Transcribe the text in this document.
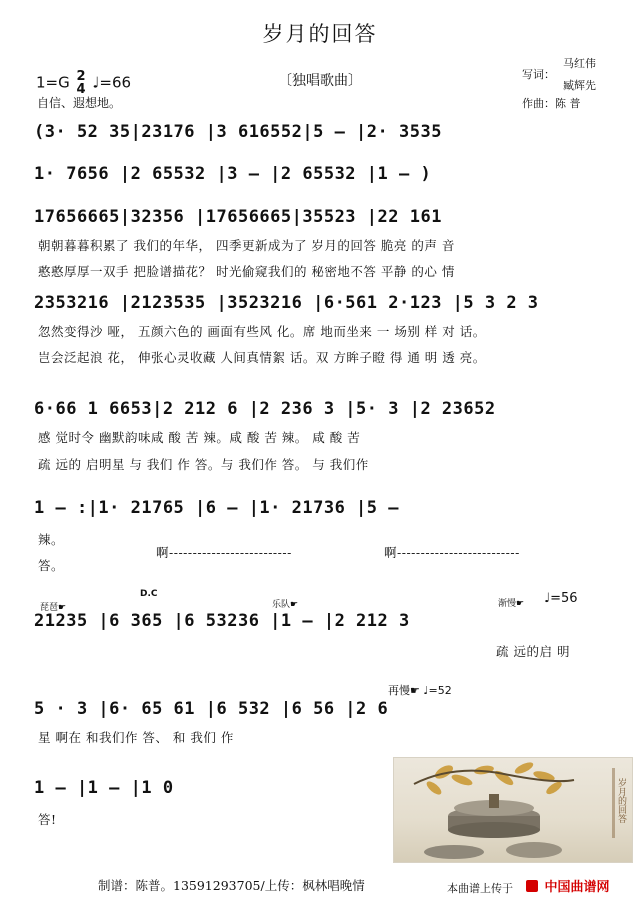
岁月的回答
〔独唱歌曲〕
1=G 2
4 ♩=66
自信、遐想地。
写词：
马红伟
臧辉先
作曲：陈 普
(3· 52 35|23176 |3 616552|5 – |2· 3535
1· 7656 |2 65532 |3 – |2 65532 |1 – )
17656665|32356 |17656665|35523 |22 161
朝朝暮暮积累了 我们的年华， 四季更新成为了 岁月的回答 脆亮 的声 音
憨憨厚厚一双手 把脸谱描花？ 时光偷窥我们的 秘密地不答 平静 的心 情
2353216 |2123535 |3523216 |6·561 2·123 |5 3 2 3
忽然变得沙 哑， 五颜六色的 画面有些风 化。席 地而坐来 一 场别 样 对 话。
岂会泛起浪 花， 伸张心灵收藏 人间真情絮 话。双 方眸子瞪 得 通 明 透 亮。
6·66 1 6653|2 212 6 |2 236 3 |5· 3 |2 23652
感 觉时令 幽默韵味咸 酸 苦 辣。咸 酸 苦 辣。 咸 酸 苦
疏 远的 启明星 与 我们 作 答。与 我们作 答。 与 我们作
1 – :|1· 21765 |6 – |1· 21736 |5 –
辣。
答。
啊--------------------------	啊--------------------------
琵琶☛
D.C
乐队☛	渐慢☛ ♩=56
21235 |6 365 |6 53236 |1 – |2 212 3
疏 远的启 明
再慢☛ ♩=52
5 · 3 |6· 65 61 |6 532 |6 56 |2 6
星 啊在 和我们作 答、 和 我们 作
1 – |1 – |1 0
答!	岁月的回答
制谱：陈普。13591293705/上传：枫林唱晚情	本曲谱上传于	中国曲谱网
